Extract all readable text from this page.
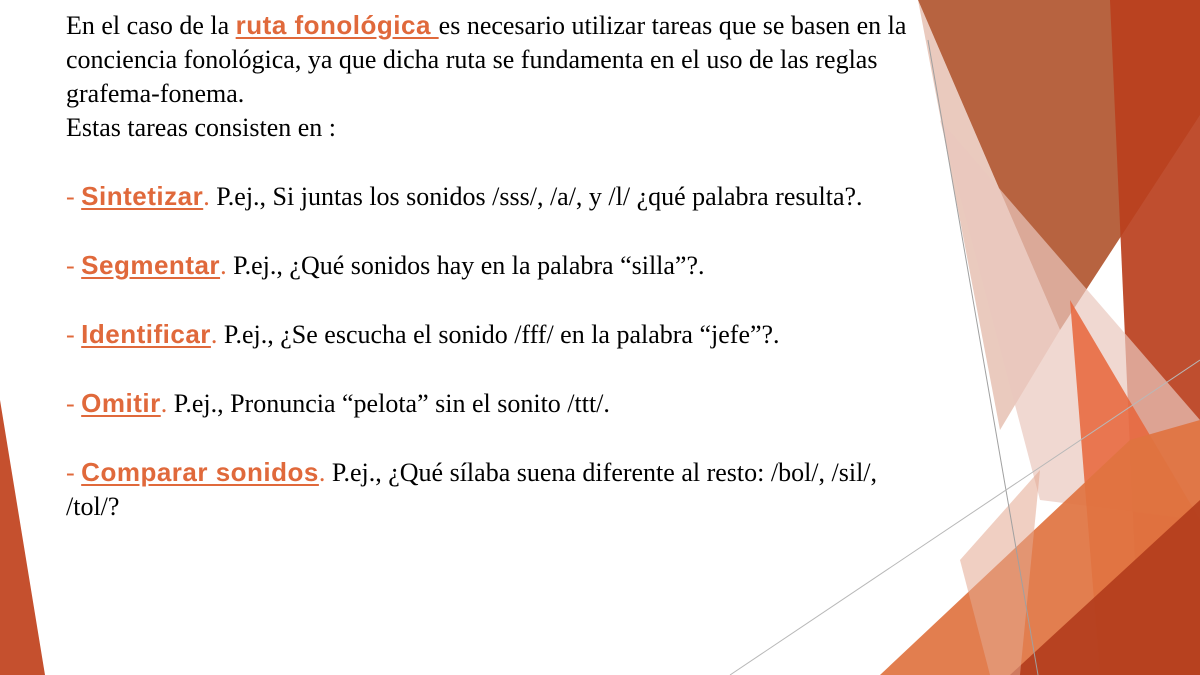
En el caso de la ruta fonológica es necesario utilizar tareas que se basen en la conciencia fonológica, ya que dicha ruta se fundamenta en el uso de las reglas grafema-fonema.

Estas tareas consisten en :

- Sintetizar. P.ej., Si juntas los sonidos /sss/, /a/, y /l/ ¿qué palabra resulta?.

- Segmentar. P.ej., ¿Qué sonidos hay en la palabra “silla”?.

- Identificar. P.ej., ¿Se escucha el sonido /fff/ en la palabra “jefe”?.

- Omitir. P.ej., Pronuncia “pelota” sin el sonito /ttt/.

- Comparar sonidos. P.ej., ¿Qué sílaba suena diferente al resto: /bol/, /sil/, /tol/?
